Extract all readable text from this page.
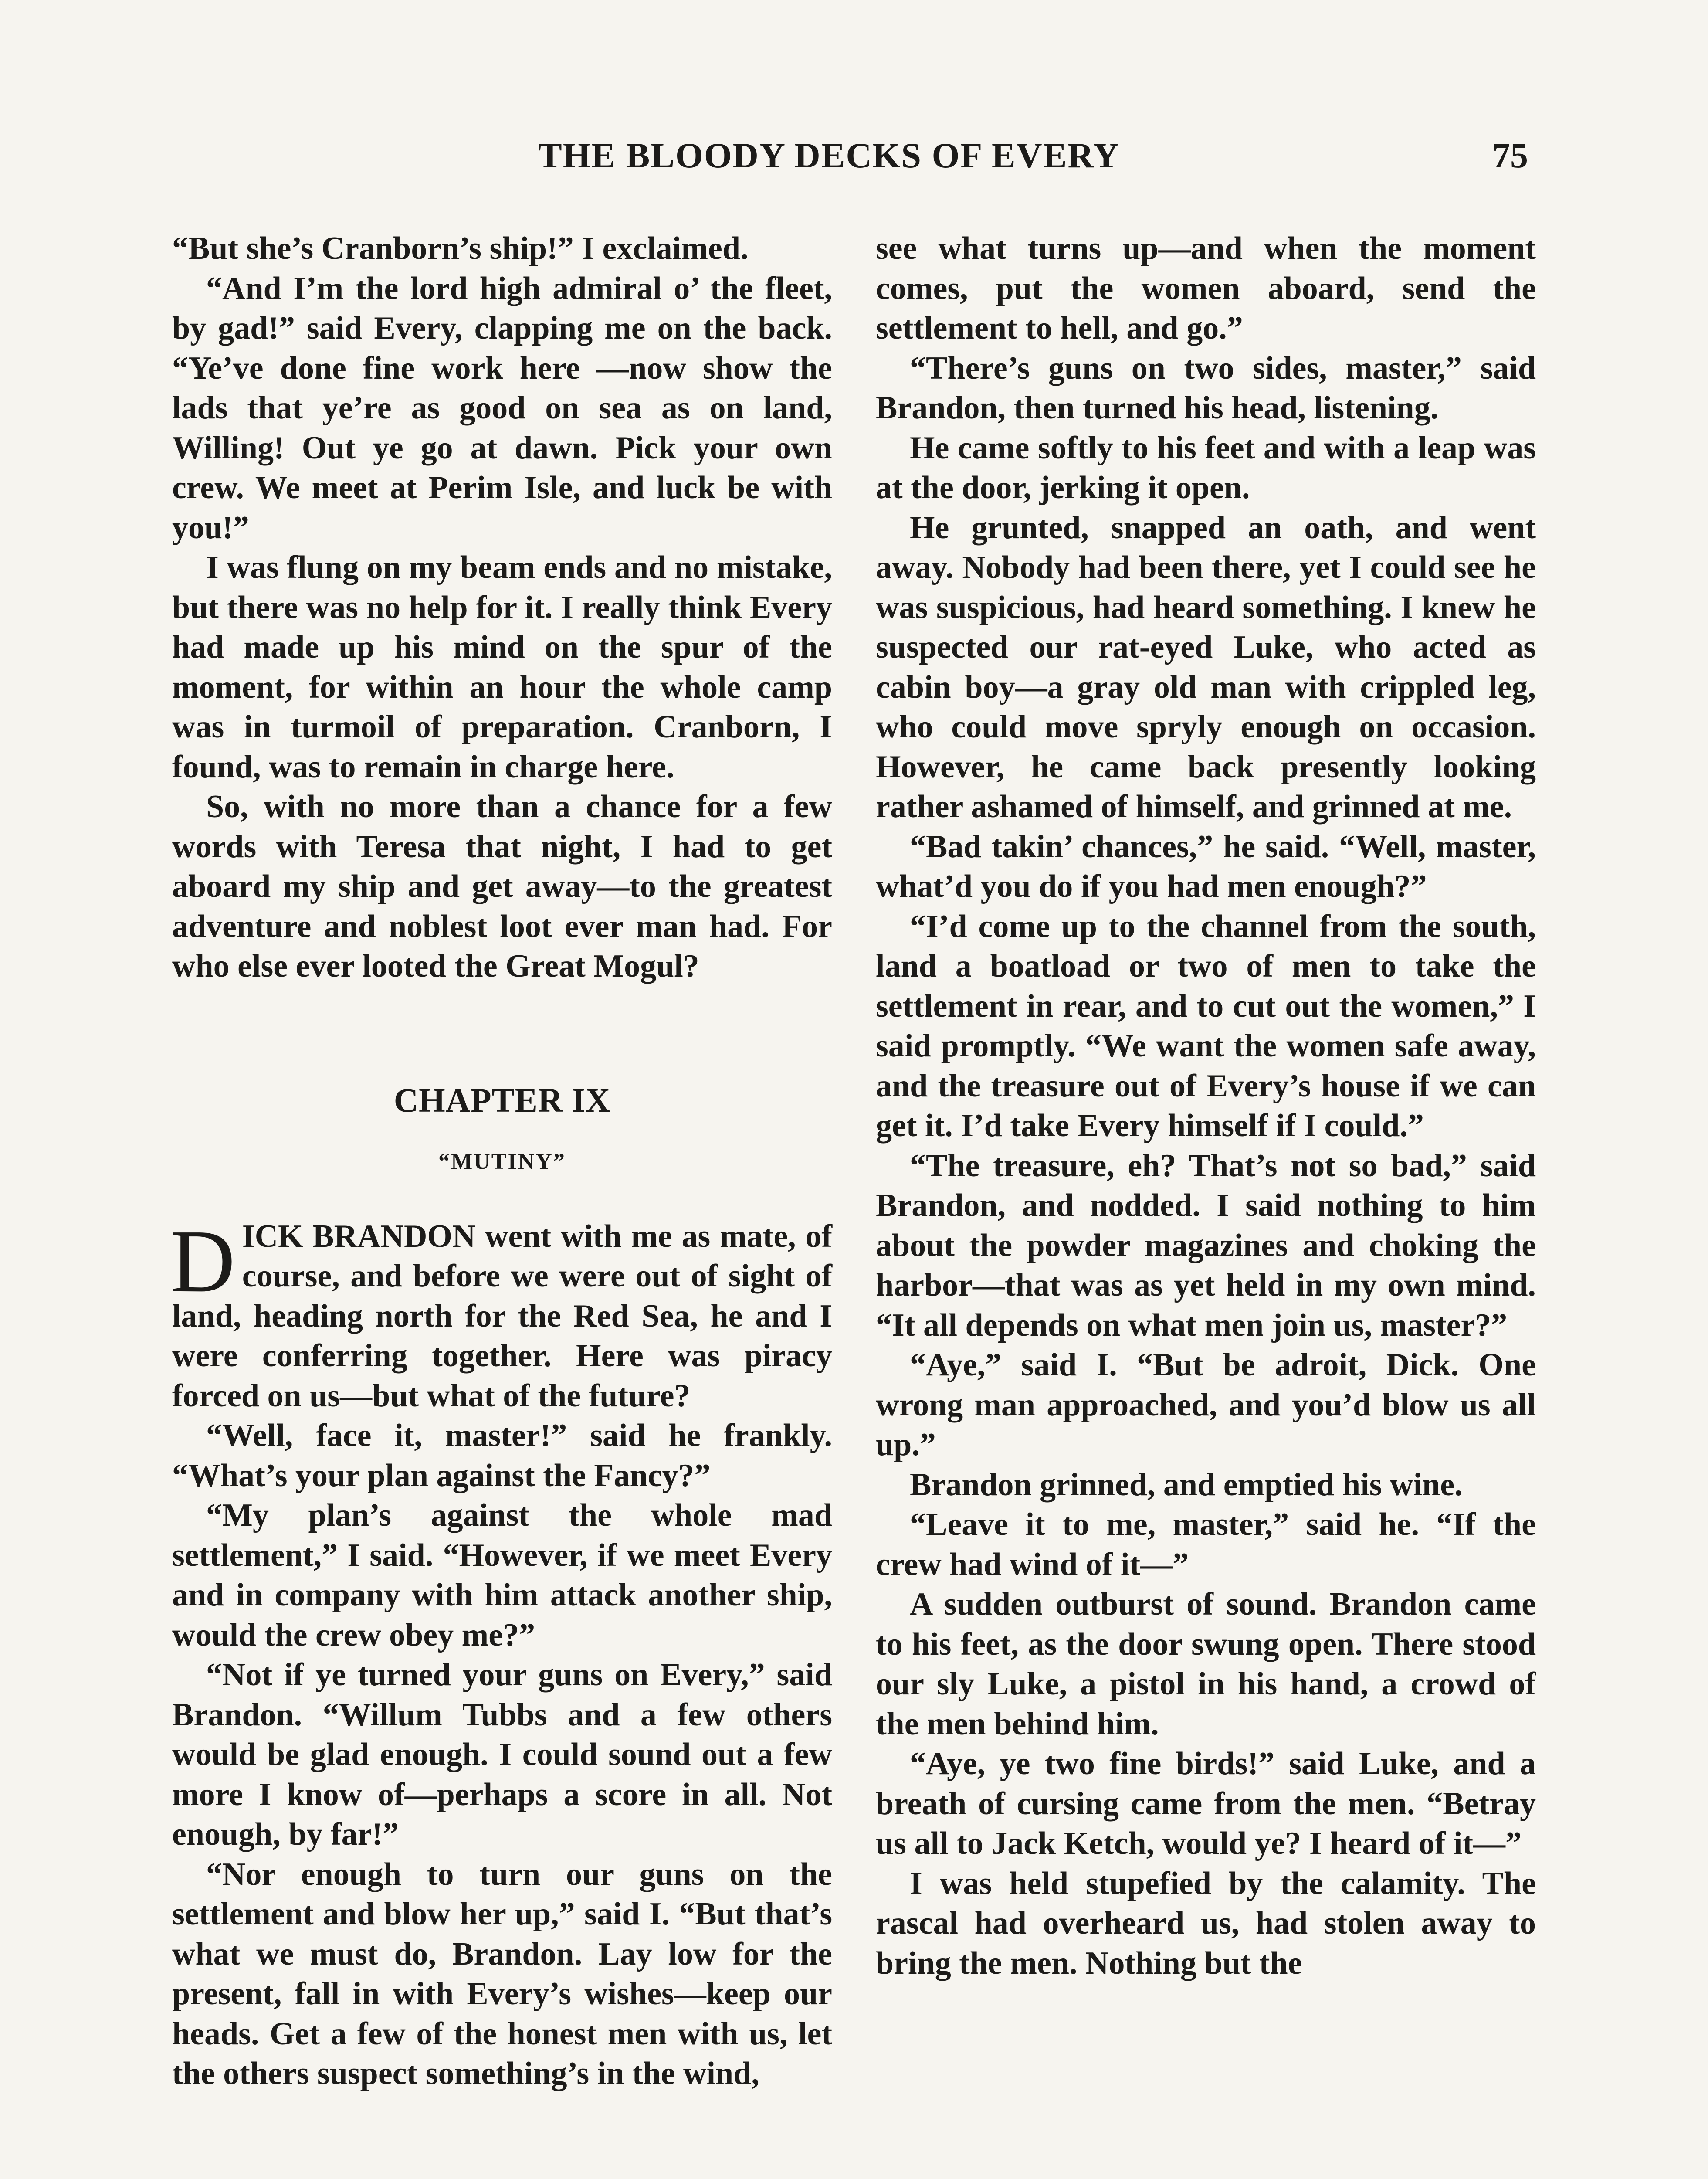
THE BLOODY DECKS OF EVERY	75

“But she’s Cranborn’s ship!” I exclaimed.

“And I’m the lord high admiral o’ the fleet, by gad!” said Every, clapping me on the back. “Ye’ve done fine work here —now show the lads that ye’re as good on sea as on land, Willing! Out ye go at dawn. Pick your own crew. We meet at Perim Isle, and luck be with you!”

I was flung on my beam ends and no mistake, but there was no help for it. I really think Every had made up his mind on the spur of the moment, for within an hour the whole camp was in turmoil of preparation. Cranborn, I found, was to remain in charge here.

So, with no more than a chance for a few words with Teresa that night, I had to get aboard my ship and get away—to the greatest adventure and noblest loot ever man had. For who else ever looted the Great Mogul?

CHAPTER IX
“MUTINY”

DICK BRANDON went with me as mate, of course, and before we were out of sight of land, heading north for the Red Sea, he and I were conferring together. Here was piracy forced on us—but what of the future?

“Well, face it, master!” said he frankly. “What’s your plan against the Fancy?”

“My plan’s against the whole mad settlement,” I said. “However, if we meet Every and in company with him attack another ship, would the crew obey me?”

“Not if ye turned your guns on Every,” said Brandon. “Willum Tubbs and a few others would be glad enough. I could sound out a few more I know of—perhaps a score in all. Not enough, by far!”

“Nor enough to turn our guns on the settlement and blow her up,” said I. “But that’s what we must do, Brandon. Lay low for the present, fall in with Every’s wishes—keep our heads. Get a few of the honest men with us, let the others suspect something’s in the wind,

see what turns up—and when the moment comes, put the women aboard, send the settlement to hell, and go.”

“There’s guns on two sides, master,” said Brandon, then turned his head, listening.

He came softly to his feet and with a leap was at the door, jerking it open.

He grunted, snapped an oath, and went away. Nobody had been there, yet I could see he was suspicious, had heard something. I knew he suspected our rat-eyed Luke, who acted as cabin boy—a gray old man with crippled leg, who could move spryly enough on occasion. However, he came back presently looking rather ashamed of himself, and grinned at me.

“Bad takin’ chances,” he said. “Well, master, what’d you do if you had men enough?”

“I’d come up to the channel from the south, land a boatload or two of men to take the settlement in rear, and to cut out the women,” I said promptly. “We want the women safe away, and the treasure out of Every’s house if we can get it. I’d take Every himself if I could.”

“The treasure, eh? That’s not so bad,” said Brandon, and nodded. I said nothing to him about the powder magazines and choking the harbor—that was as yet held in my own mind. “It all depends on what men join us, master?”

“Aye,” said I. “But be adroit, Dick. One wrong man approached, and you’d blow us all up.”

Brandon grinned, and emptied his wine.

“Leave it to me, master,” said he. “If the crew had wind of it—”

A sudden outburst of sound. Brandon came to his feet, as the door swung open. There stood our sly Luke, a pistol in his hand, a crowd of the men behind him.

“Aye, ye two fine birds!” said Luke, and a breath of cursing came from the men. “Betray us all to Jack Ketch, would ye? I heard of it—”

I was held stupefied by the calamity. The rascal had overheard us, had stolen away to bring the men. Nothing but the
